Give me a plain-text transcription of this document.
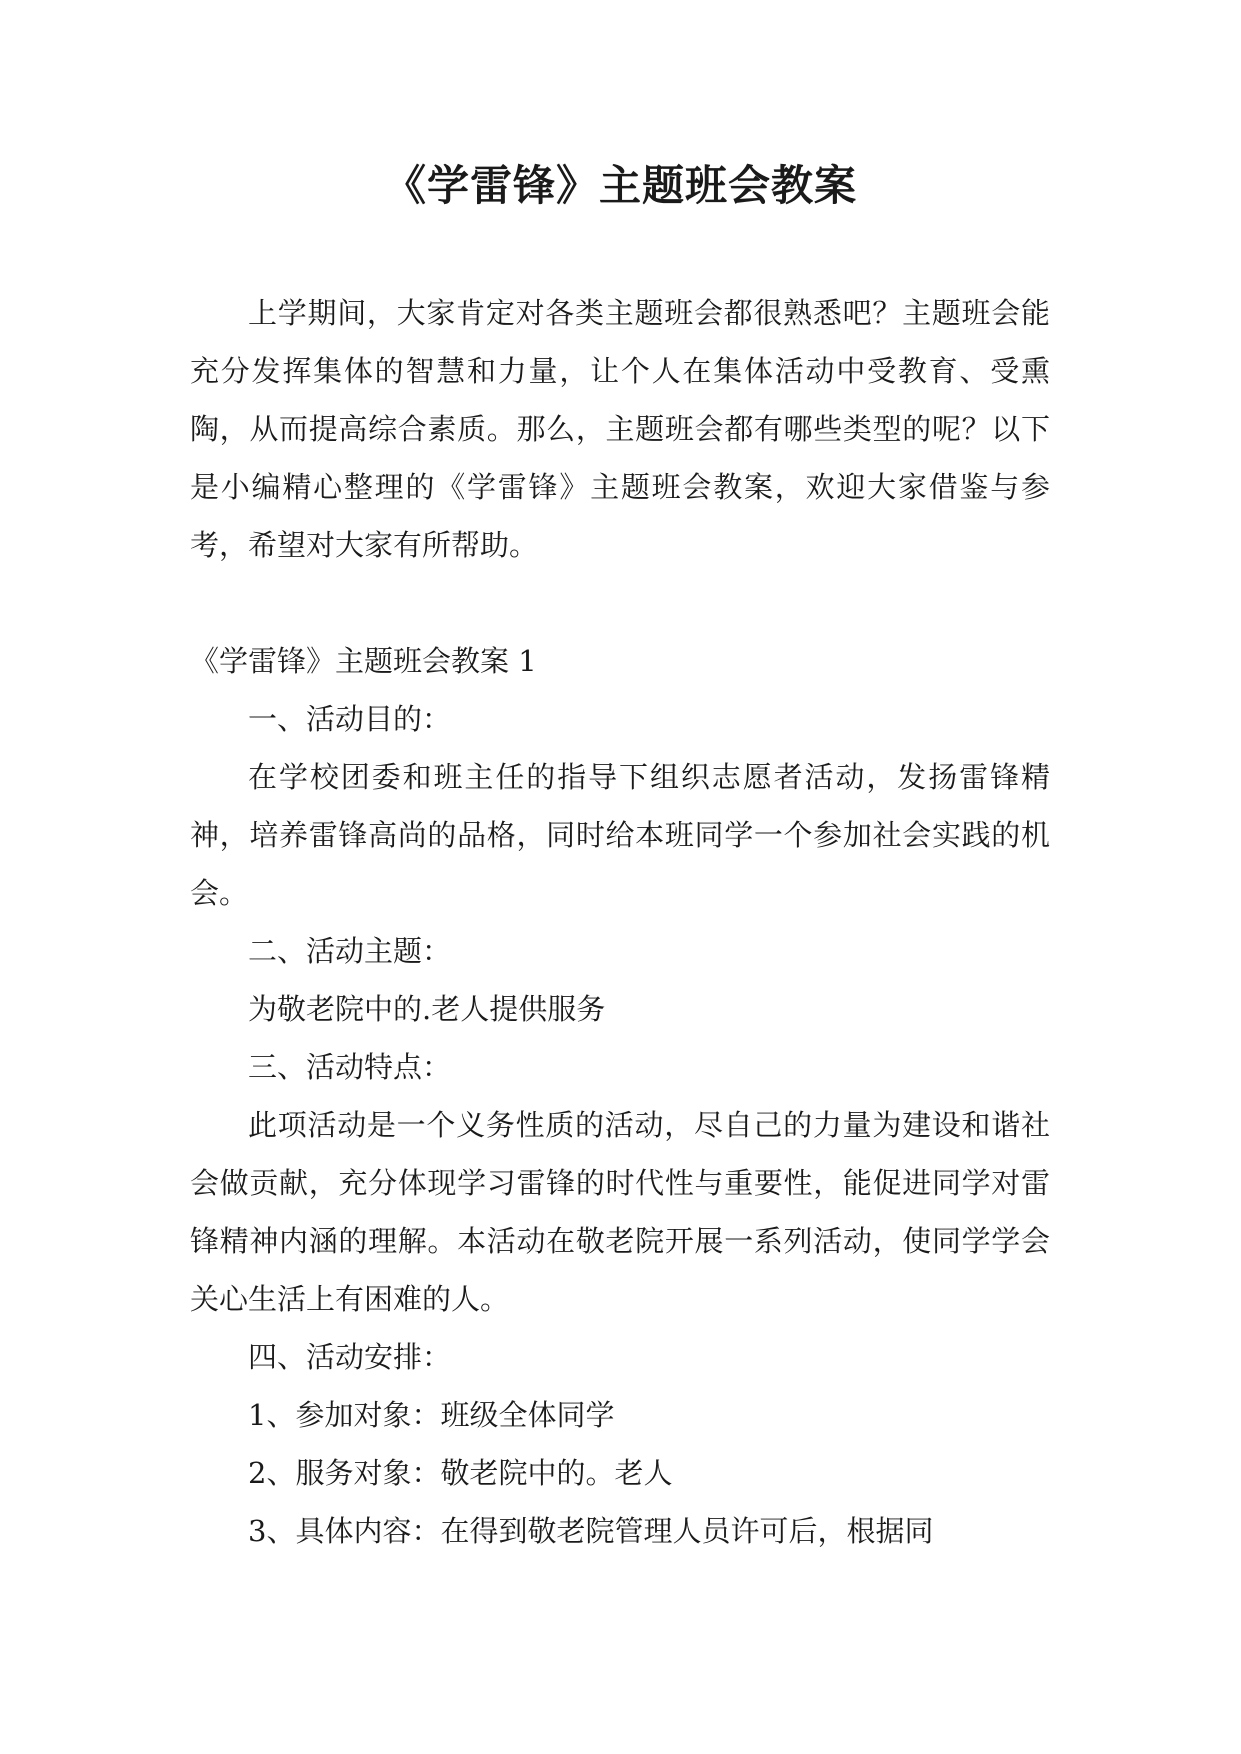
《学雷锋》主题班会教案

上学期间，大家肯定对各类主题班会都很熟悉吧？主题班会能充分发挥集体的智慧和力量，让个人在集体活动中受教育、受熏陶，从而提高综合素质。那么，主题班会都有哪些类型的呢？以下是小编精心整理的《学雷锋》主题班会教案，欢迎大家借鉴与参考，希望对大家有所帮助。

《学雷锋》主题班会教案 1

一、活动目的：

在学校团委和班主任的指导下组织志愿者活动，发扬雷锋精神，培养雷锋高尚的品格，同时给本班同学一个参加社会实践的机会。

二、活动主题：

为敬老院中的.老人提供服务

三、活动特点：

此项活动是一个义务性质的活动，尽自己的力量为建设和谐社会做贡献，充分体现学习雷锋的时代性与重要性，能促进同学对雷锋精神内涵的理解。本活动在敬老院开展一系列活动，使同学学会关心生活上有困难的人。

四、活动安排：

1、参加对象：班级全体同学

2、服务对象：敬老院中的。老人

3、具体内容：在得到敬老院管理人员许可后，根据同
